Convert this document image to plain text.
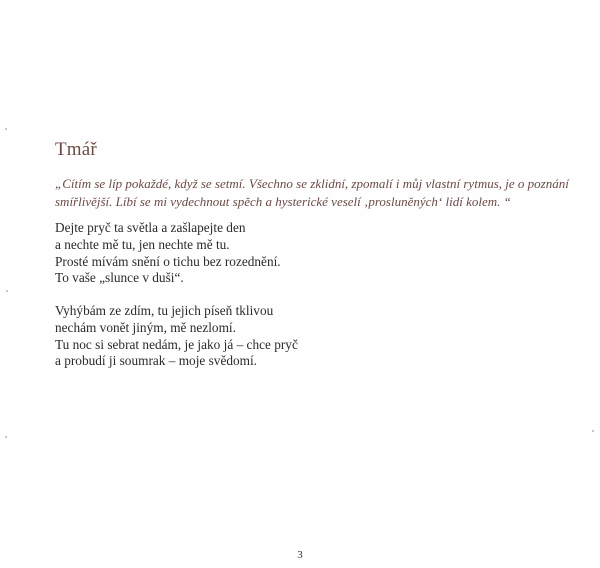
Tmář

„Cítím se líp pokaždé, když se setmí. Všechno se zklidní, zpomalí i můj vlastní rytmus, je o poznání
smířlivější. Líbí se mi vydechnout spěch a hysterické veselí ‚prosluněných‘ lidí kolem. “

Dejte pryč ta světla a zašlapejte den
a nechte mě tu, jen nechte mě tu.
Prosté mívám snění o tichu bez rozednění.
To vaše „slunce v duši“.

Vyhýbám ze zdím, tu jejich píseň tklivou
nechám vonět jiným, mě nezlomí.
Tu noc si sebrat nedám, je jako já – chce pryč
a probudí ji soumrak – moje svědomí.

3
